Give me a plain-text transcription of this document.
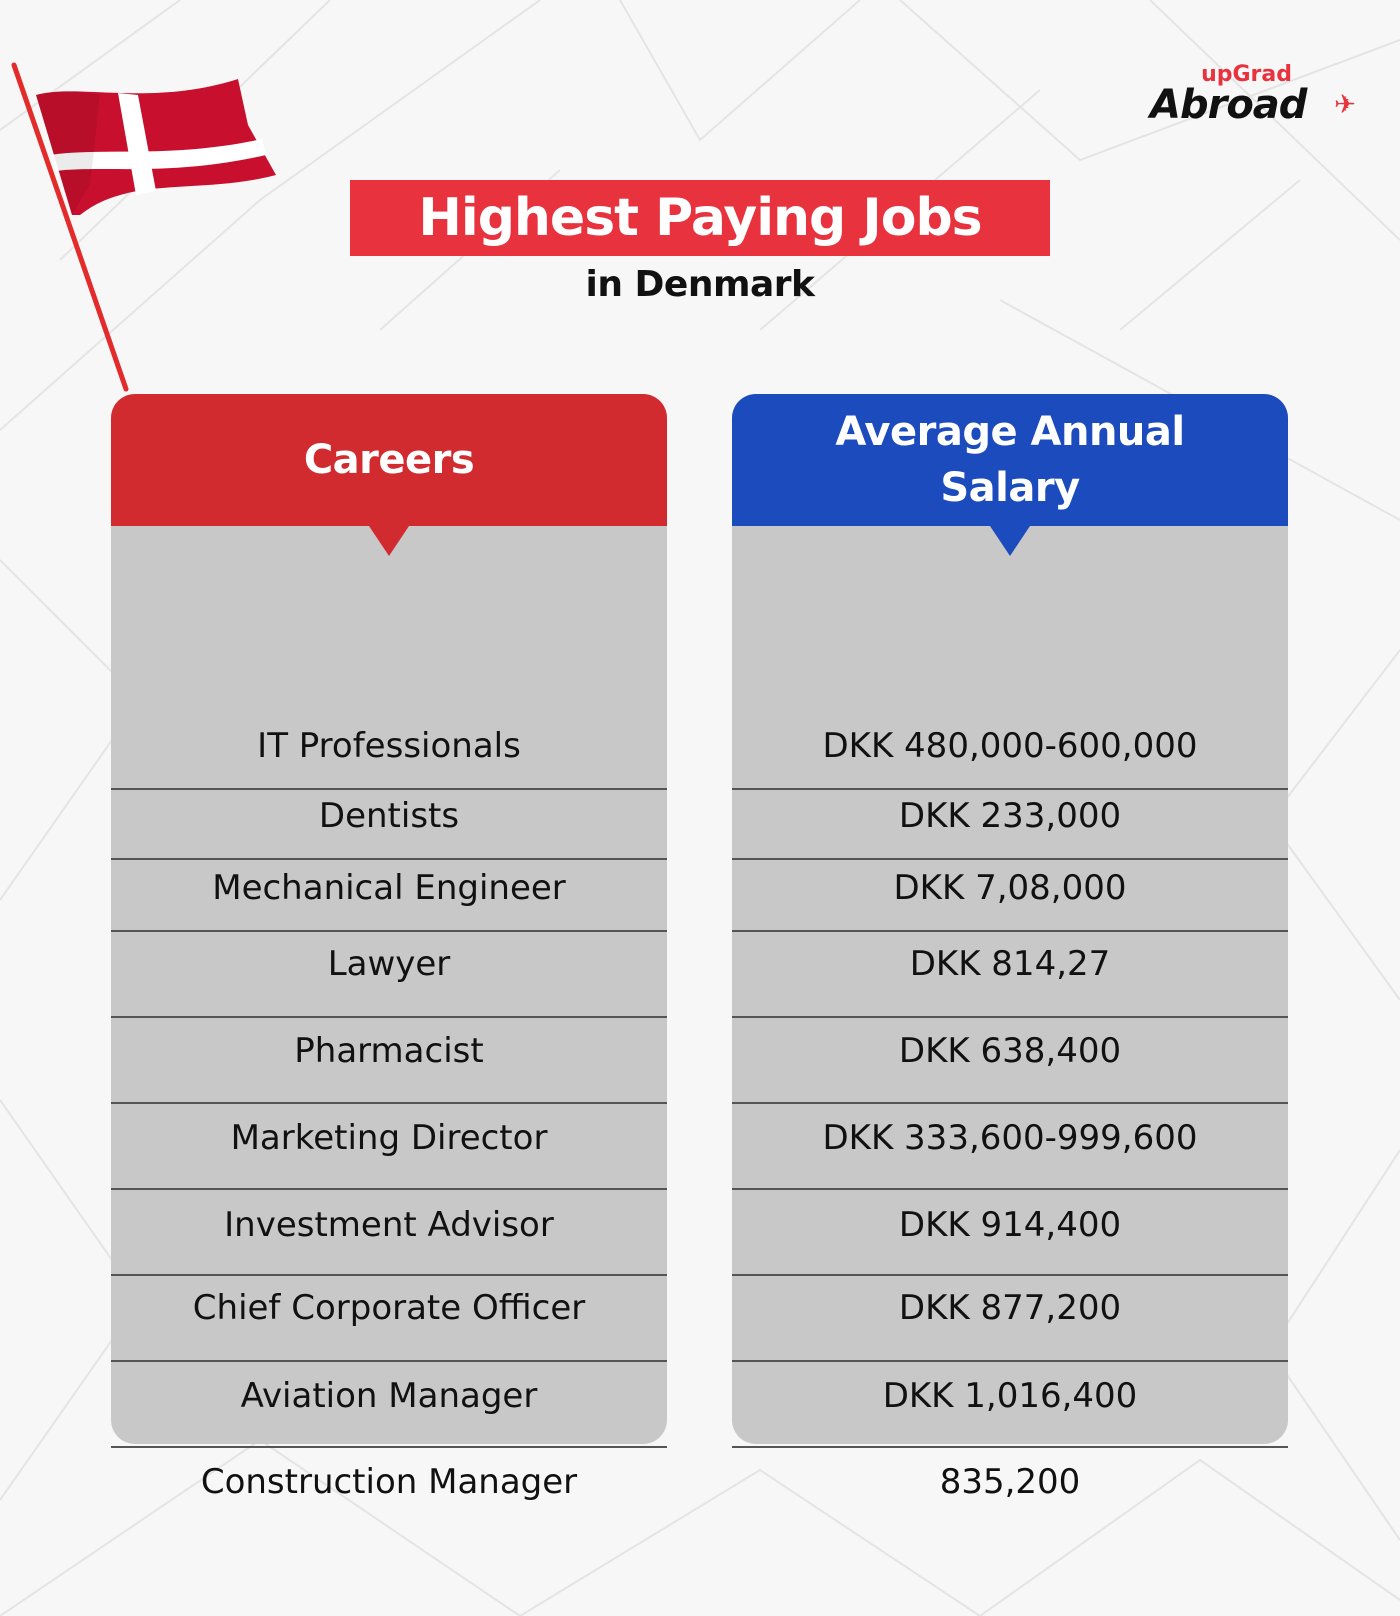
upGrad
Abroad ✈
Highest Paying Jobs
in Denmark
Careers
IT Professionals
Dentists
Mechanical Engineer
Lawyer
Pharmacist
Marketing Director
Investment Advisor
Chief Corporate Officer
Aviation Manager
Construction Manager
Average Annual Salary
DKK 480,000-600,000
DKK 233,000
DKK 7,08,000
DKK 814,27
DKK 638,400
DKK 333,600-999,600
DKK 914,400
DKK 877,200
DKK 1,016,400
835,200
